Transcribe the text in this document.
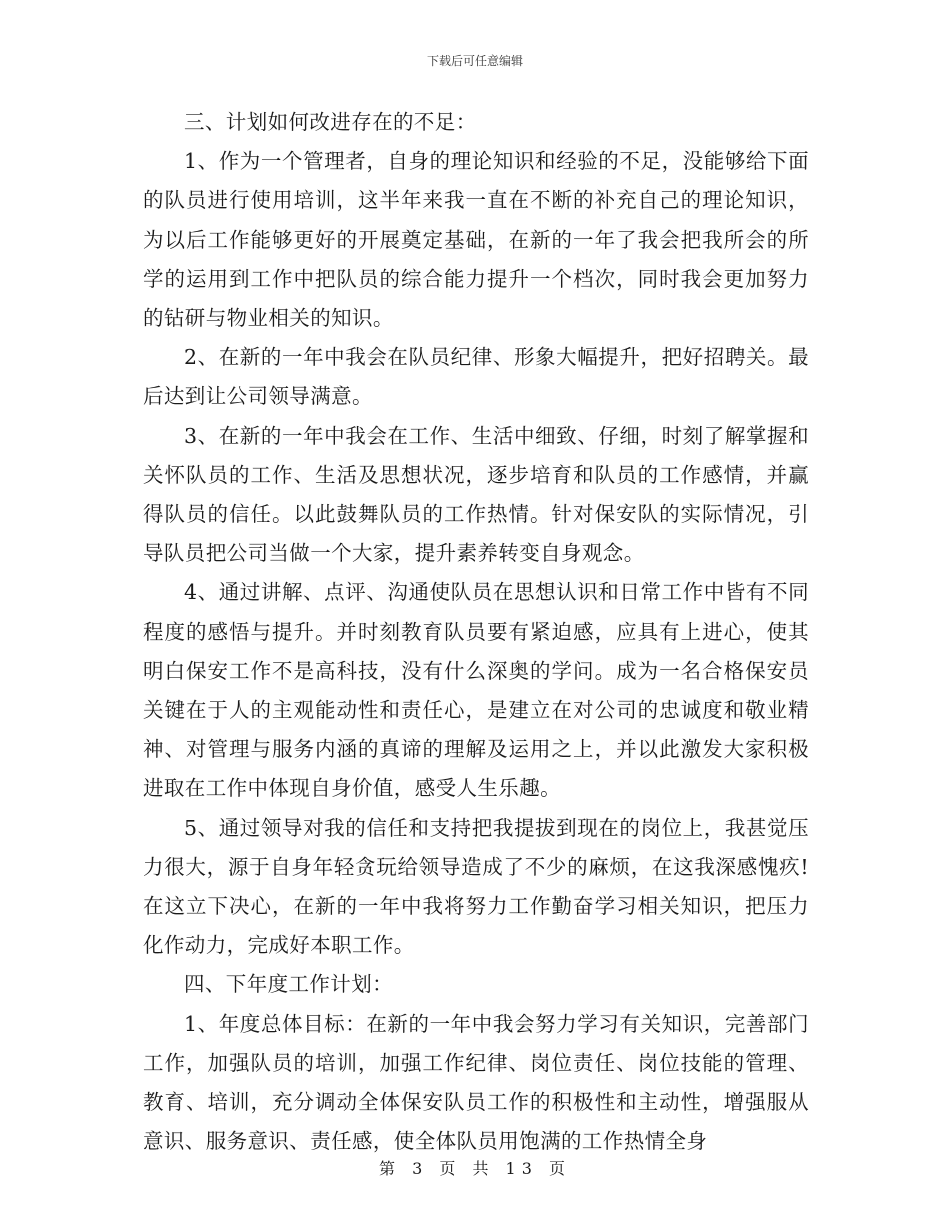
下载后可任意编辑

三、计划如何改进存在的不足：

1、作为一个管理者，自身的理论知识和经验的不足，没能够给下面的队员进行使用培训，这半年来我一直在不断的补充自己的理论知识，为以后工作能够更好的开展奠定基础，在新的一年了我会把我所会的所学的运用到工作中把队员的综合能力提升一个档次，同时我会更加努力的钻研与物业相关的知识。

2、在新的一年中我会在队员纪律、形象大幅提升，把好招聘关。最后达到让公司领导满意。

3、在新的一年中我会在工作、生活中细致、仔细，时刻了解掌握和关怀队员的工作、生活及思想状况，逐步培育和队员的工作感情，并赢得队员的信任。以此鼓舞队员的工作热情。针对保安队的实际情况，引导队员把公司当做一个大家，提升素养转变自身观念。

4、通过讲解、点评、沟通使队员在思想认识和日常工作中皆有不同程度的感悟与提升。并时刻教育队员要有紧迫感，应具有上进心，使其明白保安工作不是高科技，没有什么深奥的学问。成为一名合格保安员关键在于人的主观能动性和责任心，是建立在对公司的忠诚度和敬业精神、对管理与服务内涵的真谛的理解及运用之上，并以此激发大家积极进取在工作中体现自身价值，感受人生乐趣。

5、通过领导对我的信任和支持把我提拔到现在的岗位上，我甚觉压力很大，源于自身年轻贪玩给领导造成了不少的麻烦，在这我深感愧疚!在这立下决心，在新的一年中我将努力工作勤奋学习相关知识，把压力化作动力，完成好本职工作。

四、下年度工作计划：

1、年度总体目标：在新的一年中我会努力学习有关知识，完善部门工作，加强队员的培训，加强工作纪律、岗位责任、岗位技能的管理、教育、培训，充分调动全体保安队员工作的积极性和主动性，增强服从意识、服务意识、责任感，使全体队员用饱满的工作热情全身

第 3 页 共 13 页
